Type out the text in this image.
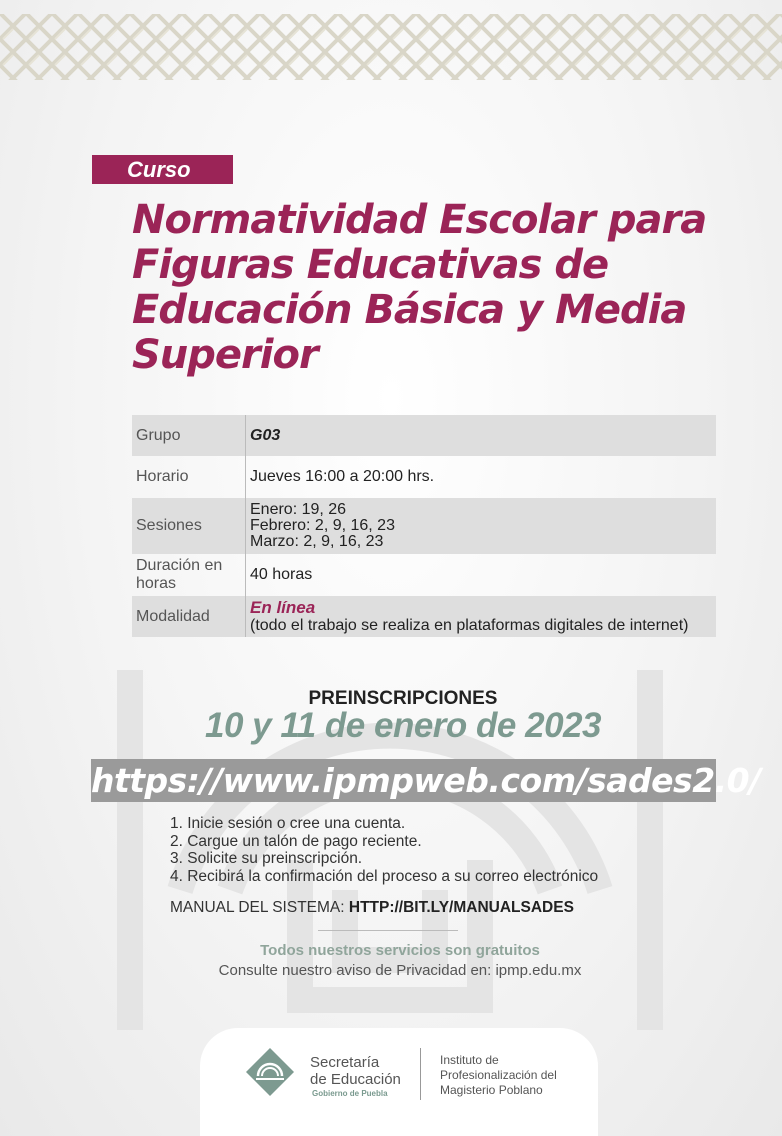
Curso
Normatividad Escolar para Figuras Educativas de Educación Básica y Media Superior
Grupo	G03
Horario	Jueves 16:00 a 20:00 hrs.
Sesiones	Enero: 19, 26
Febrero: 2, 9, 16, 23
Marzo: 2, 9, 16, 23

Duración en
horas	40 horas
Modalidad	En línea
(todo el trabajo se realiza en plataformas digitales de internet)
PREINSCRIPCIONES
10 y 11 de enero de 2023
https://www.ipmpweb.com/sades2.0/
1. Inicie sesión o cree una cuenta.
2. Cargue un talón de pago reciente.
3. Solicite su preinscripción.
4. Recibirá la confirmación del proceso a su correo electrónico
MANUAL DEL SISTEMA: HTTP://BIT.LY/MANUALSADES
Todos nuestros servicios son gratuitos
Consulte nuestro aviso de Privacidad en: ipmp.edu.mx
Secretaría
de Educación
Gobierno de Puebla
Instituto de
Profesionalización del
Magisterio Poblano
